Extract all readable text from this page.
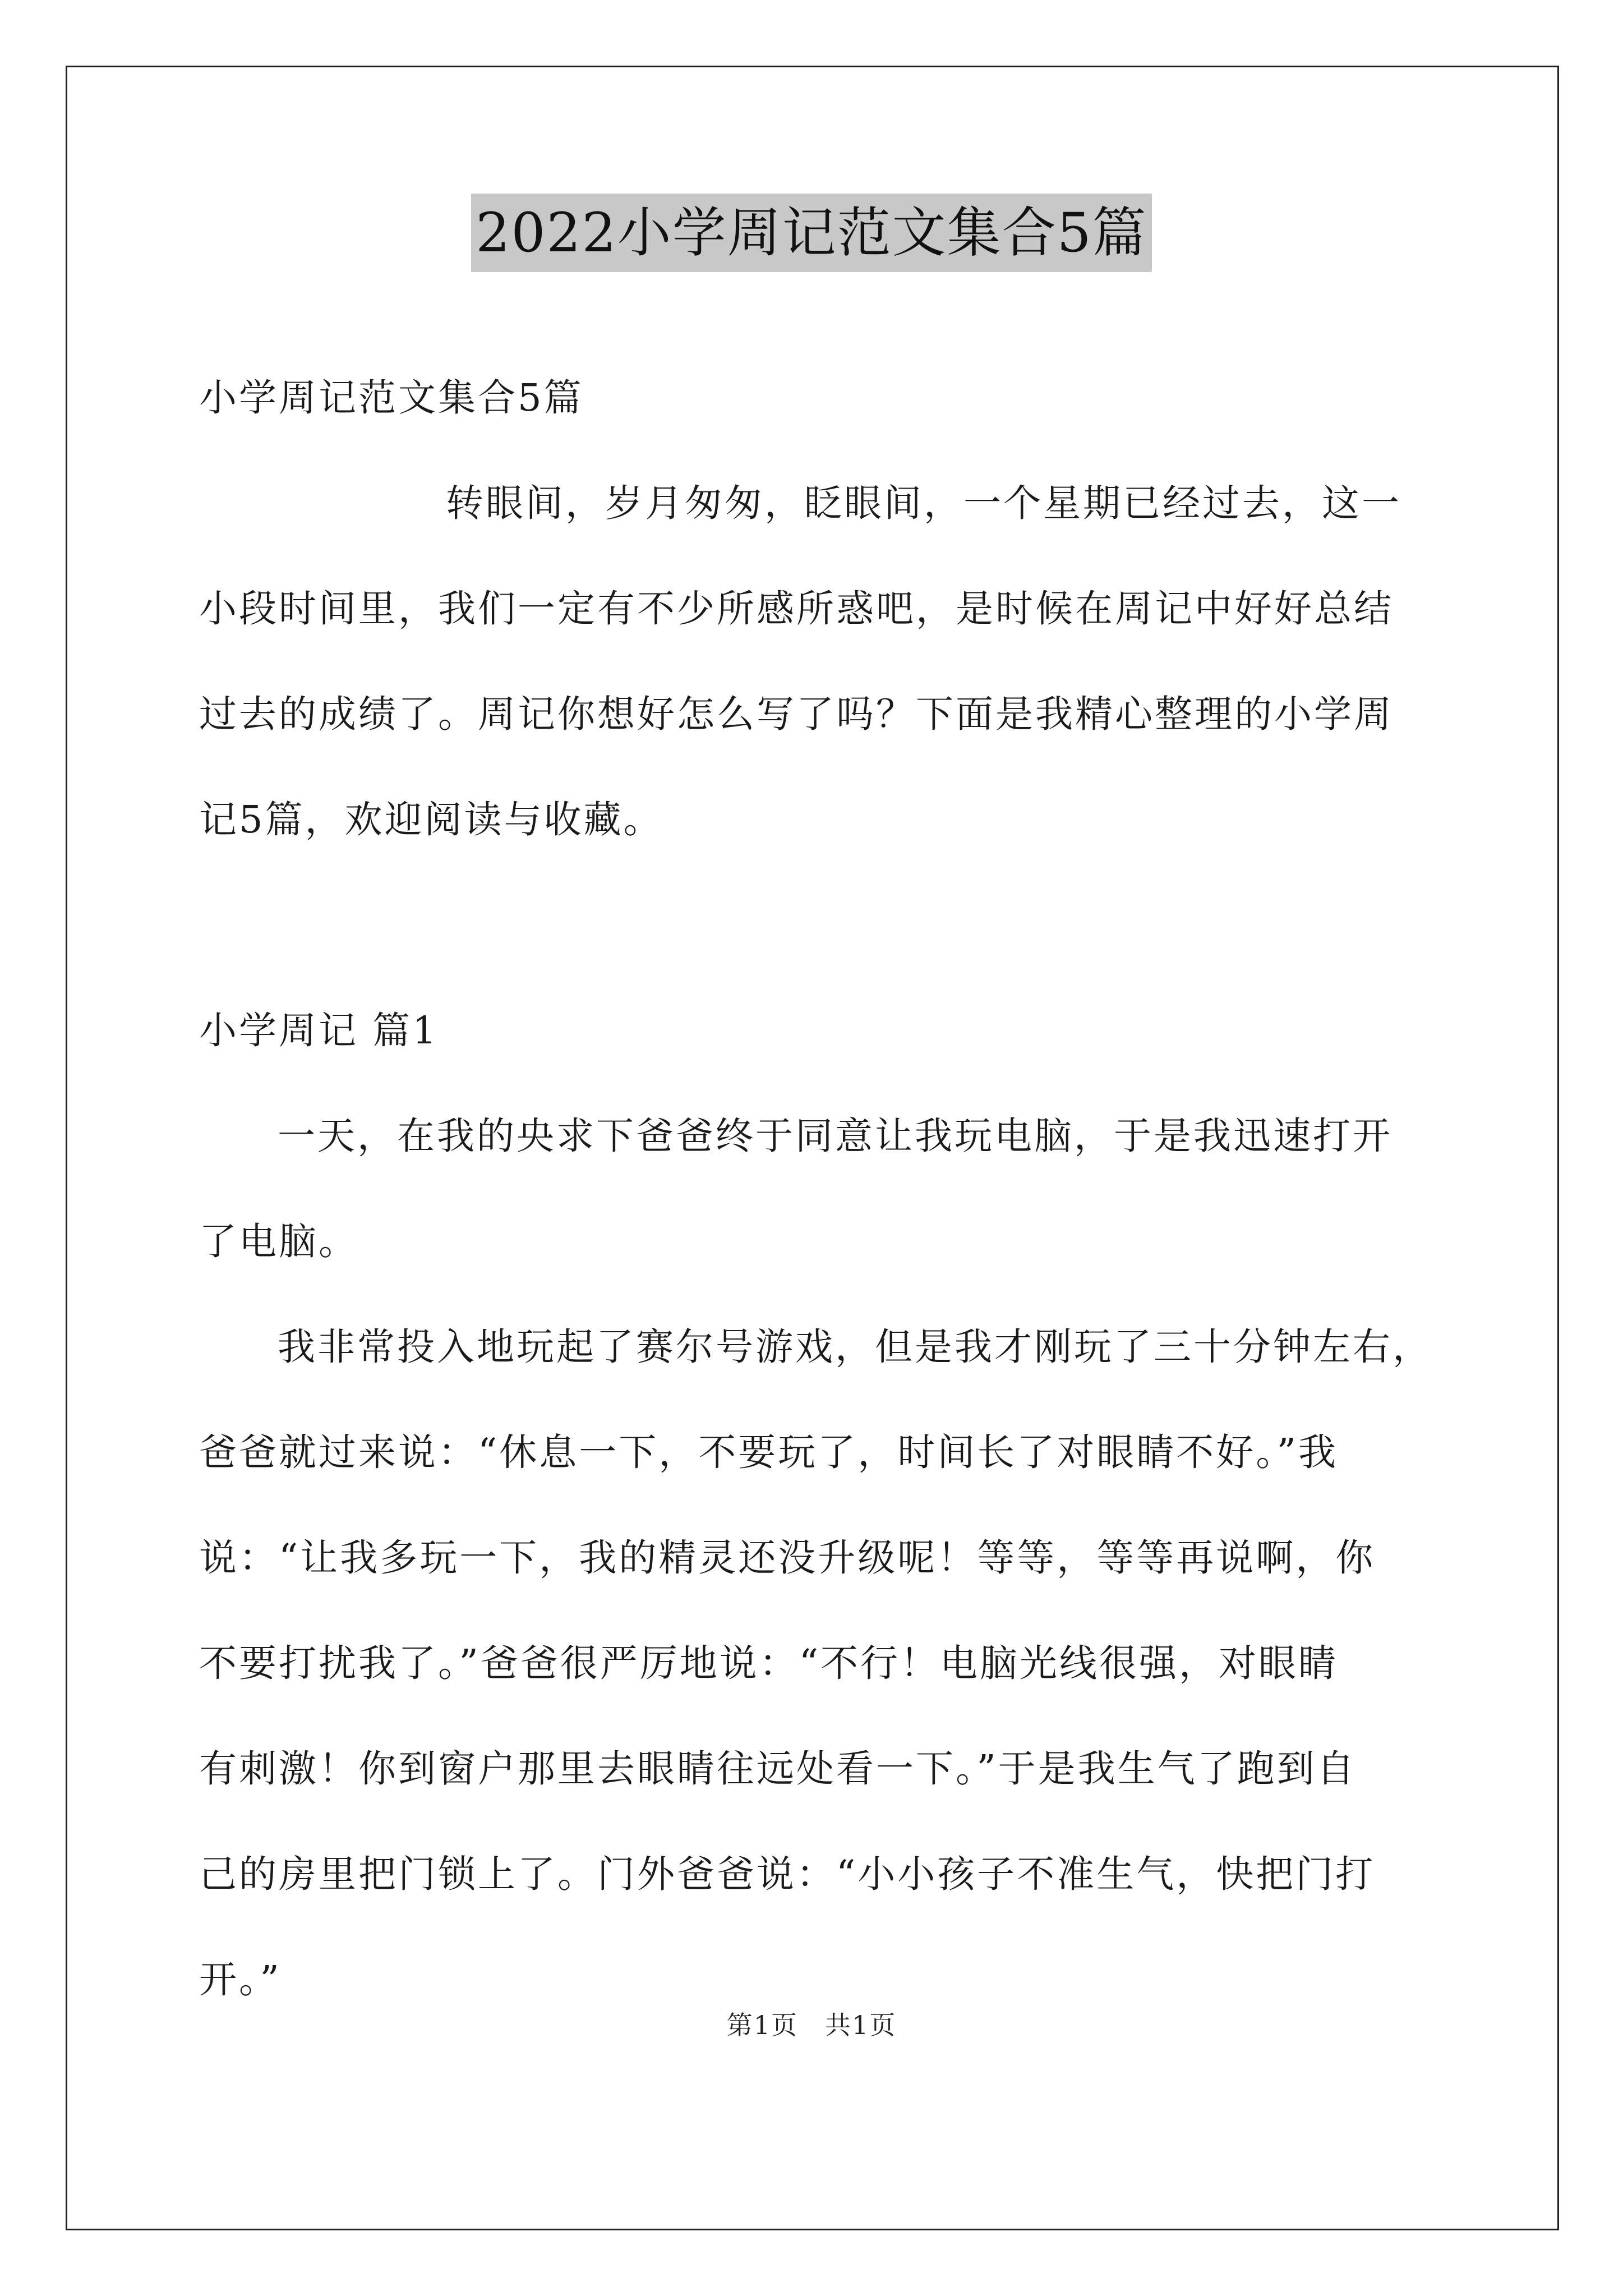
2022小学周记范文集合5篇

小学周记范文集合5篇

转眼间，岁月匆匆，眨眼间，一个星期已经过去，这一

小段时间里，我们一定有不少所感所惑吧，是时候在周记中好好总结

过去的成绩了。周记你想好怎么写了吗？下面是我精心整理的小学周

记5篇，欢迎阅读与收藏。

小学周记 篇1

一天，在我的央求下爸爸终于同意让我玩电脑，于是我迅速打开

了电脑。

我非常投入地玩起了赛尔号游戏，但是我才刚玩了三十分钟左右，

爸爸就过来说：“休息一下，不要玩了，时间长了对眼睛不好。”我

说：“让我多玩一下，我的精灵还没升级呢！等等，等等再说啊，你

不要打扰我了。”爸爸很严厉地说：“不行！电脑光线很强，对眼睛

有刺激！你到窗户那里去眼睛往远处看一下。”于是我生气了跑到自

己的房里把门锁上了。门外爸爸说：“小小孩子不准生气，快把门打

开。”

第1页 共1页
